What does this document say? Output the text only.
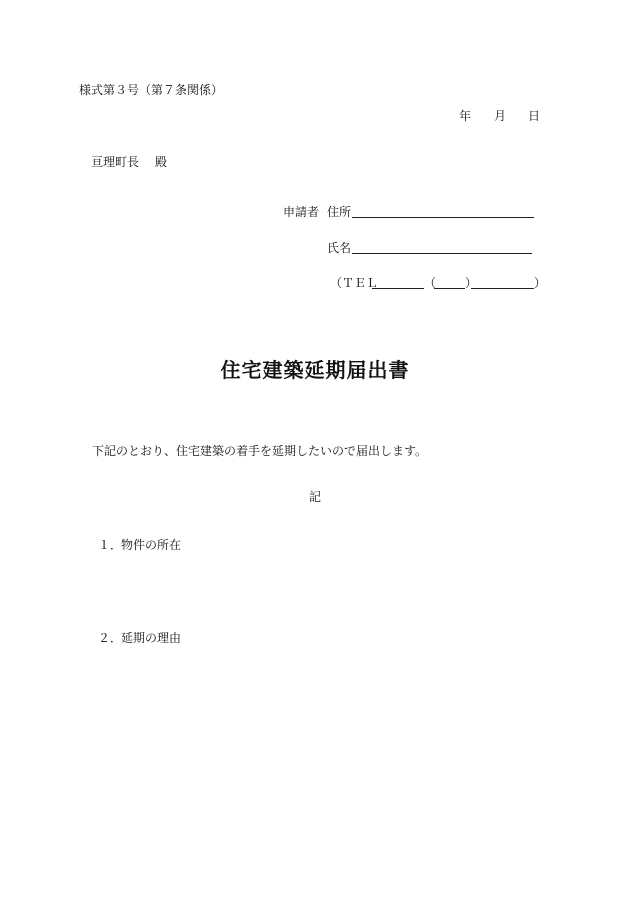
様式第３号（第７条関係）
年 月 日
亘理町長 殿
申請者 住所
氏名
（ＴＥＬ	（ ）	）
住宅建築延期届出書
下記のとおり、住宅建築の着手を延期したいので届出します。
記
１．
物件の所在
２．
延期の理由
